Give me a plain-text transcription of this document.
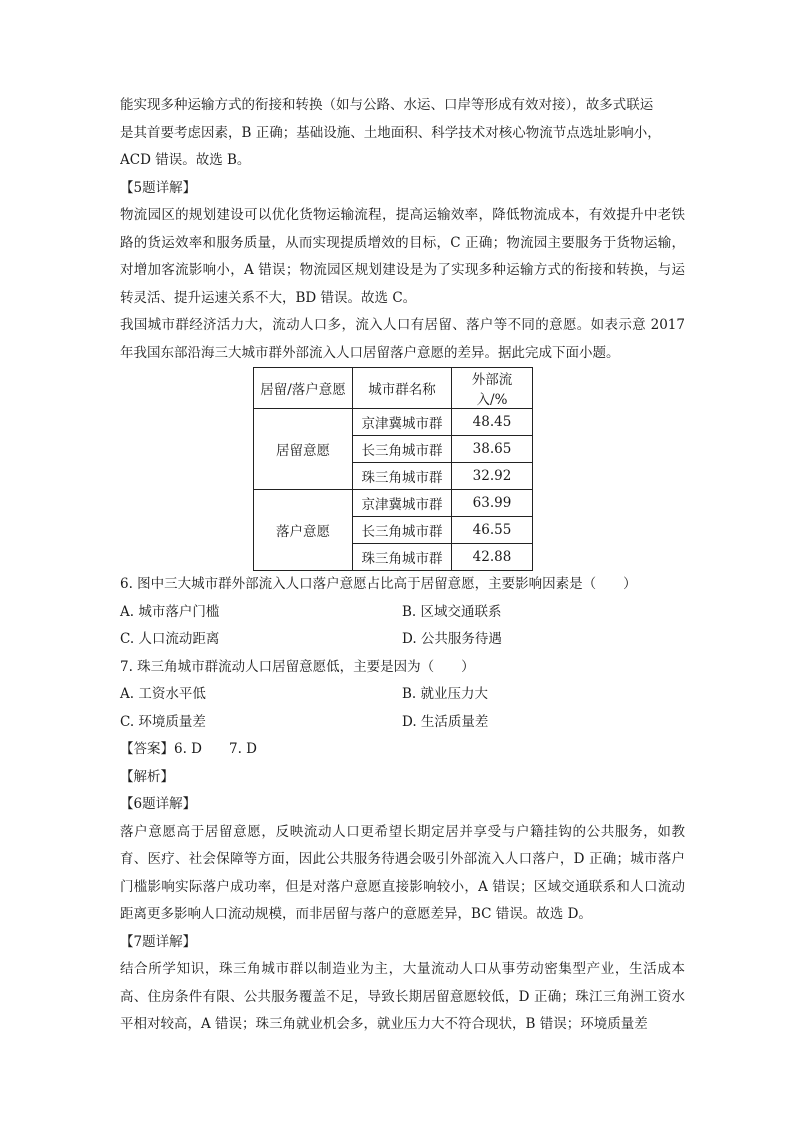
能实现多种运输方式的衔接和转换（如与公路、水运、口岸等形成有效对接），故多式联运
是其首要考虑因素，B 正确；基础设施、土地面积、科学技术对核心物流节点选址影响小，
ACD 错误。故选 B。
【5题详解】
物流园区的规划建设可以优化货物运输流程，提高运输效率，降低物流成本，有效提升中老铁路的货运效率和服务质量，从而实现提质增效的目标，C 正确；物流园主要服务于货物运输，对增加客流影响小，A 错误；物流园区规划建设是为了实现多种运输方式的衔接和转换，与运转灵活、提升运速关系不大，BD 错误。故选 C。
我国城市群经济活力大，流动人口多，流入人口有居留、落户等不同的意愿。如表示意 2017 年我国东部沿海三大城市群外部流入人口居留落户意愿的差异。据此完成下面小题。
居留/落户意愿	城市群名称	外部流入/%
居留意愿	京津冀城市群	48.45
	长三角城市群	38.65
	珠三角城市群	32.92
落户意愿	京津冀城市群	63.99
	长三角城市群	46.55
	珠三角城市群	42.88
6. 图中三大城市群外部流入人口落户意愿占比高于居留意愿，主要影响因素是（　　）
A. 城市落户门槛	B. 区域交通联系
C. 人口流动距离	D. 公共服务待遇
7. 珠三角城市群流动人口居留意愿低，主要是因为（　　）
A. 工资水平低	B. 就业压力大
C. 环境质量差	D. 生活质量差
【答案】6. D　　7. D
【解析】
【6题详解】
落户意愿高于居留意愿，反映流动人口更希望长期定居并享受与户籍挂钩的公共服务，如教育、医疗、社会保障等方面，因此公共服务待遇会吸引外部流入人口落户，D 正确；城市落户门槛影响实际落户成功率，但是对落户意愿直接影响较小，A 错误；区域交通联系和人口流动距离更多影响人口流动规模，而非居留与落户的意愿差异，BC 错误。故选 D。
【7题详解】
结合所学知识，珠三角城市群以制造业为主，大量流动人口从事劳动密集型产业，生活成本高、住房条件有限、公共服务覆盖不足，导致长期居留意愿较低，D 正确；珠江三角洲工资水平相对较高，A 错误；珠三角就业机会多，就业压力大不符合现状，B 错误；环境质量差
